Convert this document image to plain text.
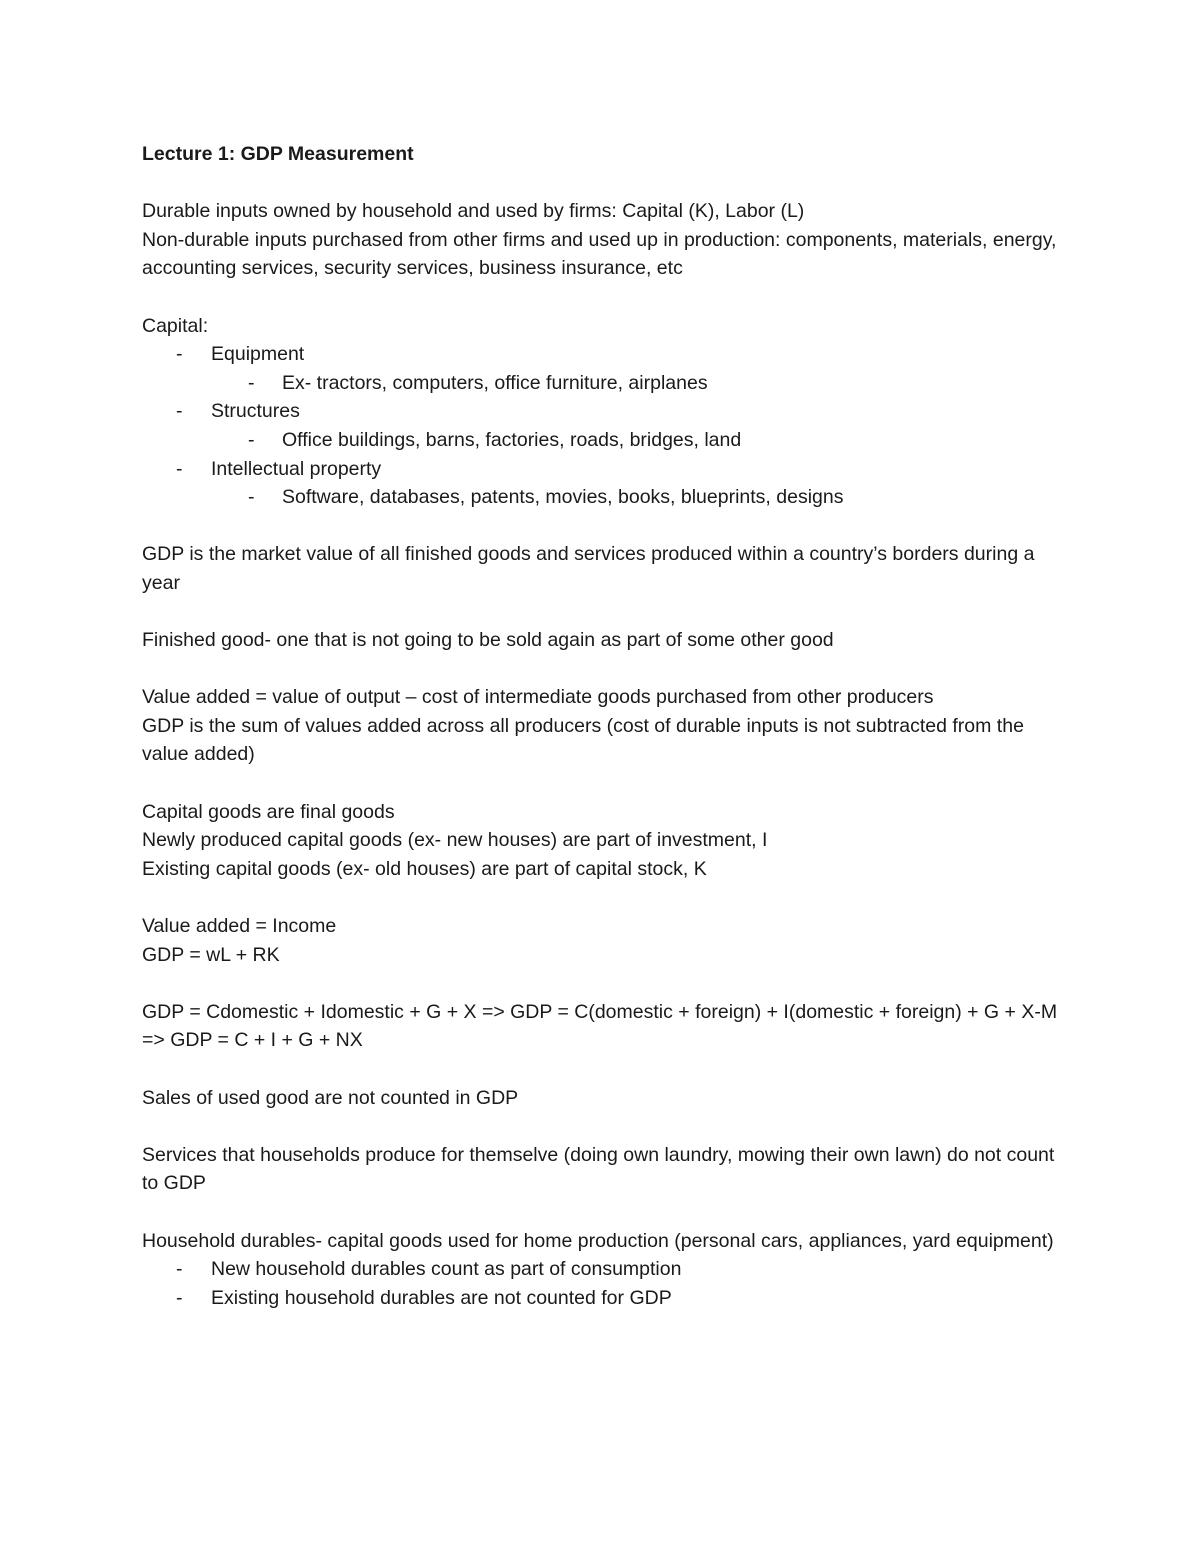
Lecture 1: GDP Measurement

Durable inputs owned by household and used by firms: Capital (K), Labor (L)

Non-durable inputs purchased from other firms and used up in production: components, materials, energy, accounting services, security services, business insurance, etc

Capital:

- Equipment
- Ex- tractors, computers, office furniture, airplanes
- Structures
- Office buildings, barns, factories, roads, bridges, land
- Intellectual property
- Software, databases, patents, movies, books, blueprints, designs

GDP is the market value of all finished goods and services produced within a country’s borders during a year

Finished good- one that is not going to be sold again as part of some other good

Value added = value of output – cost of intermediate goods purchased from other producers

GDP is the sum of values added across all producers (cost of durable inputs is not subtracted from the value added)

Capital goods are final goods

Newly produced capital goods (ex- new houses) are part of investment, I

Existing capital goods (ex- old houses) are part of capital stock, K

Value added = Income

GDP = wL + RK

GDP = Cdomestic + Idomestic + G + X => GDP = C(domestic + foreign) + I(domestic + foreign) + G + X-M => GDP = C + I + G + NX

Sales of used good are not counted in GDP

Services that households produce for themselve (doing own laundry, mowing their own lawn) do not count to GDP

Household durables- capital goods used for home production (personal cars, appliances, yard equipment)

- New household durables count as part of consumption
- Existing household durables are not counted for GDP
